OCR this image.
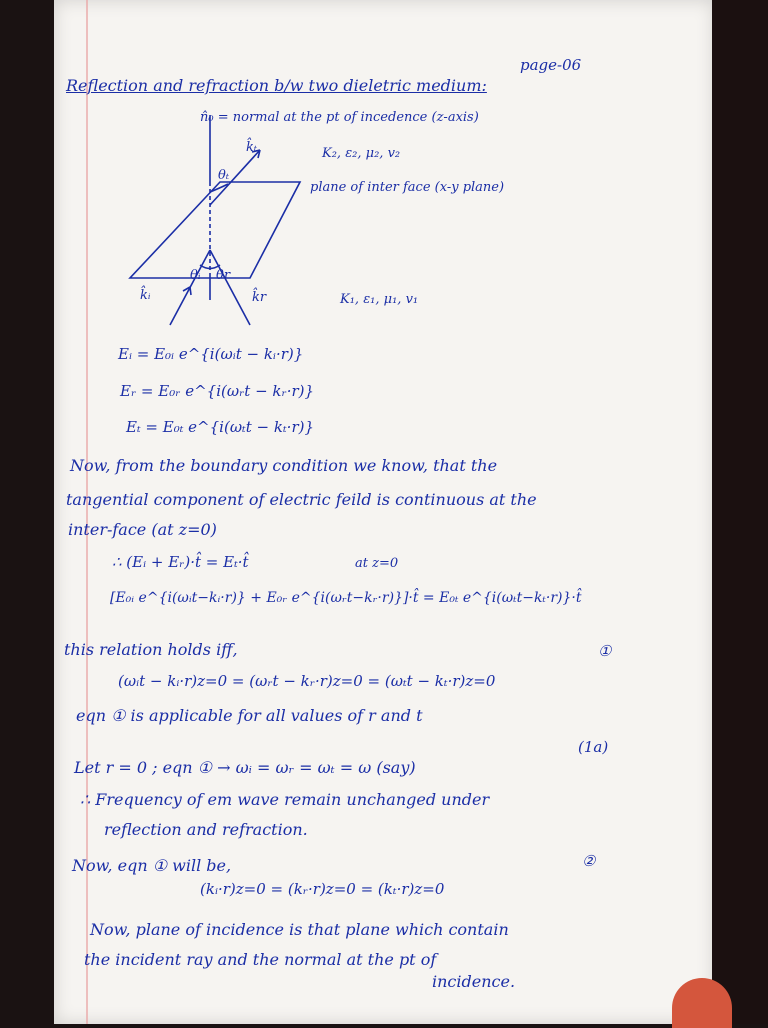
page-06
Reflection and refraction b/w two dieletric medium:
n̂₀ = normal at the pt of incedence (z-axis)
k̂ₜ
θₜ
K₂, ε₂, μ₂, v₂
plane of inter face (x-y plane)
θᵢ θr
k̂ᵢ	k̂r	K₁, ε₁, μ₁, v₁
Eᵢ = E₀ᵢ e^{i(ωᵢt − kᵢ·r)}
Eᵣ = E₀ᵣ e^{i(ωᵣt − kᵣ·r)}
Eₜ = E₀ₜ e^{i(ωₜt − kₜ·r)}
Now, from the boundary condition we know, that the
tangential component of electric feild is continuous at the
inter-face (at z=0)
∴ (Eᵢ + Eᵣ)·t̂ = Eₜ·t̂	at z=0
[E₀ᵢ e^{i(ωᵢt−kᵢ·r)} + E₀ᵣ e^{i(ωᵣt−kᵣ·r)}]·t̂ = E₀ₜ e^{i(ωₜt−kₜ·r)}·t̂
this relation holds iff,
(ωᵢt − kᵢ·r)z=0 = (ωᵣt − kᵣ·r)z=0 = (ωₜt − kₜ·r)z=0
①
eqn ① is applicable for all values of r and t
Let r = 0 ; eqn ① → ωᵢ = ωᵣ = ωₜ = ω (say)
(1a)
∴ Frequency of em wave remain unchanged under
reflection and refraction.
Now, eqn ① will be,
(kᵢ·r)z=0 = (kᵣ·r)z=0 = (kₜ·r)z=0
②
Now, plane of incidence is that plane which contain
the incident ray and the normal at the pt of
incidence.
